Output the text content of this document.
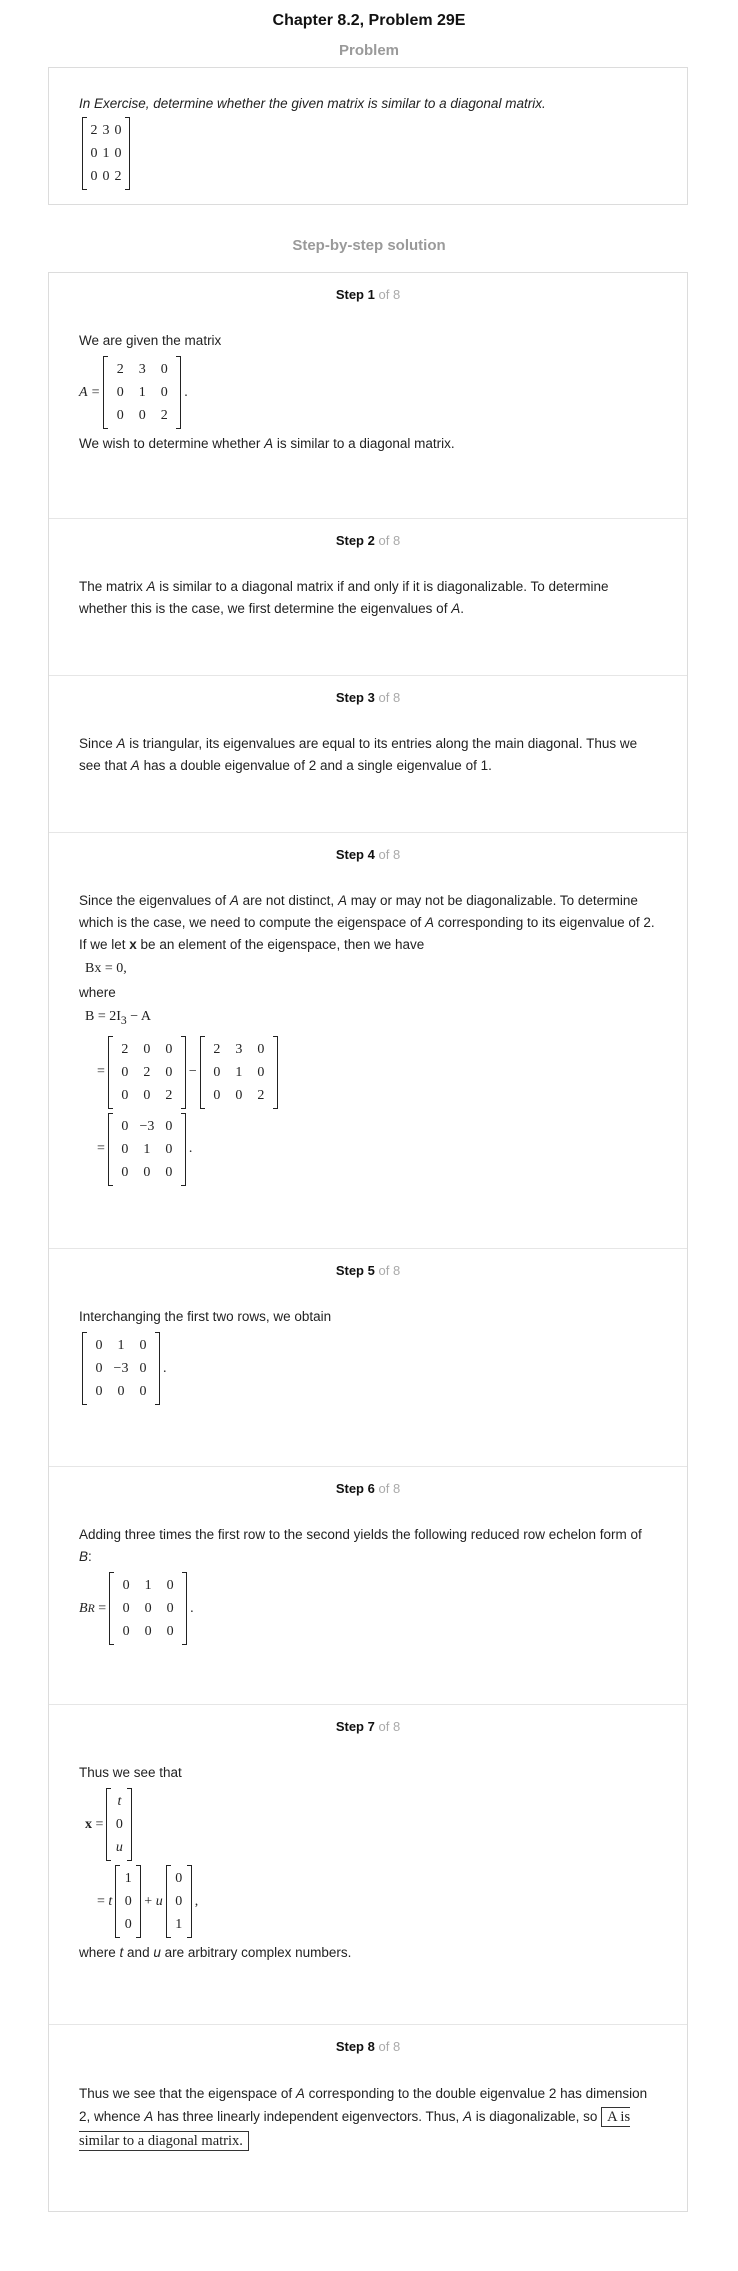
Chapter 8.2, Problem 29E
Problem

In Exercise, determine whether the given matrix is similar to a diagonal matrix.

2 3 0
0 1 0
0 0 2
Step-by-step solution
Step 1 of 8

We are given the matrix

A =
2	3	0
0	1	0
0	0	2
.

We wish to determine whether A is similar to a diagonal matrix.

Step 2 of 8

The matrix A is similar to a diagonal matrix if and only if it is diagonalizable. To determine whether this is the case, we first determine the eigenvalues of A.

Step 3 of 8

Since A is triangular, its eigenvalues are equal to its entries along the main diagonal. Thus we see that A has a double eigenvalue of 2 and a single eigenvalue of 1.

Step 4 of 8

Since the eigenvalues of A are not distinct, A may or may not be diagonalizable. To determine which is the case, we need to compute the eigenspace of A corresponding to its eigenvalue of 2. If we let x be an element of the eigenspace, then we have

Bx = 0,

where

$B = 2I_3 - A$
=
2	0	0
0	2	0
0	0	2
−
2	3	0
0	1	0
0	0	2
=
0 −3 0
0	1	0
0	0	0
.
Step 5 of 8

Interchanging the first two rows, we obtain

0	1	0
0 −3 0
0	0	0
.
Step 6 of 8

Adding three times the first row to the second yields the following reduced row echelon form of B:

B R
=
0	1	0
0	0	0
0	0	0
.
Step 7 of 8

Thus we see that

x
=
t
0
u
=
t
1
0
0
+
u
0
0
1
,

where t and u are arbitrary complex numbers.

Step 8 of 8

Thus we see that the eigenspace of A corresponding to the double eigenvalue 2 has dimension 2, whence A has three linearly independent eigenvectors. Thus, A is diagonalizable, so A is similar to a diagonal matrix.
